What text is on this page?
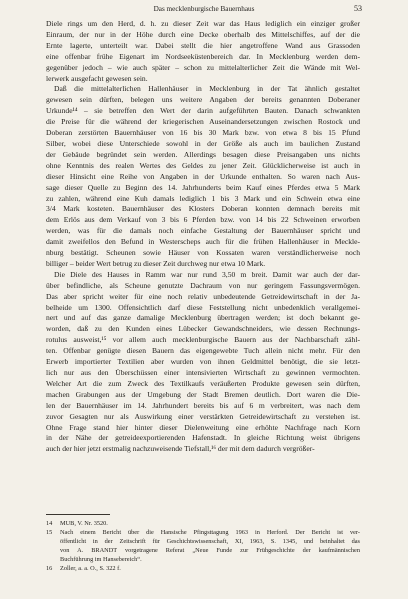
Das mecklenburgische Bauernhaus	53

Diele rings um den Herd, d. h. zu dieser Zeit war das Haus lediglich ein einziger großer
Einraum, der nur in der Höhe durch eine Decke oberhalb des Mittelschiffes, auf der die
Ernte lagerte, unterteilt war. Dabei stellt die hier angetroffene Wand aus Grassoden
eine offenbar frühe Eigenart im Nordseeküstenbereich dar. In Mecklenburg werden dem-
gegenüber jedoch – wie auch später – schon zu mittelalterlicher Zeit die Wände mit Wel-
lerwerk ausgefacht gewesen sein.

Daß die mittelalterlichen Hallenhäuser in Mecklenburg in der Tat ähnlich gestaltet
gewesen sein dürften, belegen uns weitere Angaben der bereits genannten Doberaner
Urkunde¹⁴ – sie betreffen den Wert der darin aufgeführten Bauten. Danach schwankten
die Preise für die während der kriegerischen Auseinandersetzungen zwischen Rostock und
Doberan zerstörten Bauernhäuser von 16 bis 30 Mark bzw. von etwa 8 bis 15 Pfund
Silber, wobei diese Unterschiede sowohl in der Größe als auch im baulichen Zustand
der Gebäude begründet sein werden. Allerdings besagen diese Preisangaben uns nichts
ohne Kenntnis des realen Wertes des Geldes zu jener Zeit. Glücklicherweise ist auch in
dieser Hinsicht eine Reihe von Angaben in der Urkunde enthalten. So waren nach Aus-
sage dieser Quelle zu Beginn des 14. Jahrhunderts beim Kauf eines Pferdes etwa 5 Mark
zu zahlen, während eine Kuh damals lediglich 1 bis 3 Mark und ein Schwein etwa eine
3/4 Mark kosteten. Bauernhäuser des Klosters Doberan konnten demnach bereits mit
dem Erlös aus dem Verkauf von 3 bis 6 Pferden bzw. von 14 bis 22 Schweinen erworben
werden, was für die damals noch einfache Gestaltung der Bauernhäuser spricht und
damit zweifellos den Befund in Westerscheps auch für die frühen Hallenhäuser in Meckle-
nburg bestätigt. Scheunen sowie Häuser von Kossaten waren verständlicherweise noch
billiger – beider Wert betrug zu dieser Zeit durchweg nur etwa 10 Mark.

Die Diele des Hauses in Ramm war nur rund 3,50 m breit. Damit war auch der dar-
über befindliche, als Scheune genutzte Dachraum von nur geringem Fassungsvermögen.
Das aber spricht weiter für eine noch relativ unbedeutende Getreidewirtschaft in der Ja-
belheide um 1300. Offensichtlich darf diese Feststellung nicht unbedenklich verallgemei-
nert und auf das ganze damalige Mecklenburg übertragen werden; ist doch bekannt ge-
worden, daß zu den Kunden eines Lübecker Gewandschneiders, wie dessen Rechnungs-
rotulus ausweist,¹⁵ vor allem auch mecklenburgische Bauern aus der Nachbarschaft zähl-
ten. Offenbar genügte diesen Bauern das eigengewebte Tuch allein nicht mehr. Für den
Erwerb importierter Textilien aber wurden von ihnen Geldmittel benötigt, die sie letzt-
lich nur aus den Überschüssen einer intensivierten Wirtschaft zu gewinnen vermochten.
Welcher Art die zum Zweck des Textilkaufs veräußerten Produkte gewesen sein dürften,
machen Grabungen aus der Umgebung der Stadt Bremen deutlich. Dort waren die Die-
len der Bauernhäuser im 14. Jahrhundert bereits bis auf 6 m verbreitert, was nach dem
zuvor Gesagten nur als Auswirkung einer verstärkten Getreidewirtschaft zu verstehen ist.
Ohne Frage stand hier hinter dieser Dielenweitung eine erhöhte Nachfrage nach Korn
in der Nähe der getreideexportierenden Hafenstadt. In gleiche Richtung weist übrigens
auch der hier jetzt erstmalig nachzuweisende Tiefstall,¹⁶ der mit dem dadurch vergrößer-

14	MUB, V. Nr. 3520.
15	Nach einem Bericht über die Hansische Pfingsttagung 1963 in Herford. Der Bericht ist ver-
öffentlicht in der Zeitschrift für Geschichtswissenschaft, XI, 1963, S. 1345, und beinhaltet das
von A. BRANDT vorgetragene Referat „Neue Funde zur Frühgeschichte der kaufmännischen
Buchführung im Hansebereich“.
16	Zoller, a. a. O., S. 322 f.
